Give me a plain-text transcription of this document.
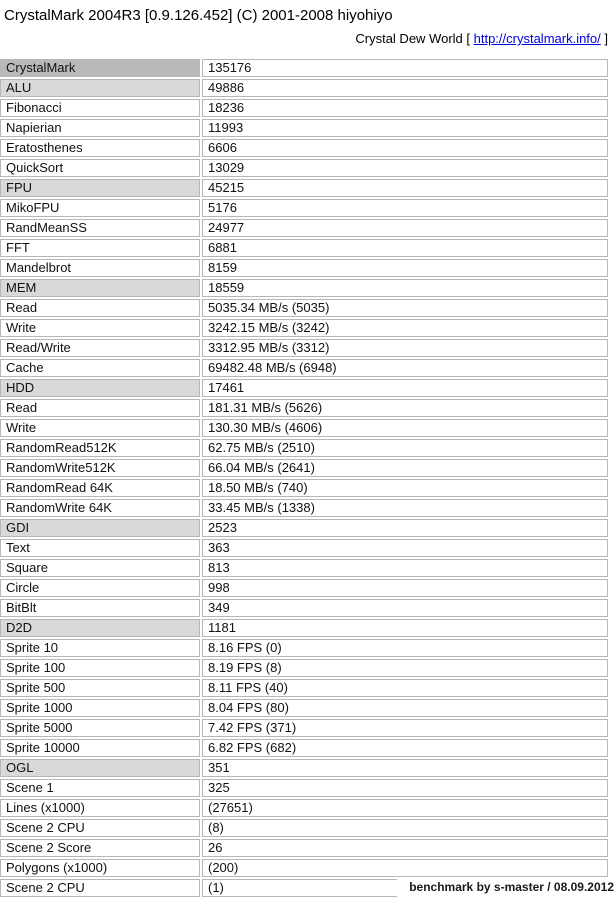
CrystalMark 2004R3 [0.9.126.452] (C) 2001-2008 hiyohiyo
Crystal Dew World [ http://crystalmark.info/ ]
CrystalMark	135176
ALU	49886
Fibonacci	18236
Napierian	11993
Eratosthenes	6606
QuickSort	13029
FPU	45215
MikoFPU	5176
RandMeanSS	24977
FFT	6881
Mandelbrot	8159
MEM	18559
Read	5035.34 MB/s (5035)
Write	3242.15 MB/s (3242)
Read/Write	3312.95 MB/s (3312)
Cache	69482.48 MB/s (6948)
HDD	17461
Read	181.31 MB/s (5626)
Write	130.30 MB/s (4606)
RandomRead512K	62.75 MB/s (2510)
RandomWrite512K	66.04 MB/s (2641)
RandomRead 64K	18.50 MB/s (740)
RandomWrite 64K	33.45 MB/s (1338)
GDI	2523
Text	363
Square	813
Circle	998
BitBlt	349
D2D	1181
Sprite 10	8.16 FPS (0)
Sprite 100	8.19 FPS (8)
Sprite 500	8.11 FPS (40)
Sprite 1000	8.04 FPS (80)
Sprite 5000	7.42 FPS (371)
Sprite 10000	6.82 FPS (682)
OGL	351
Scene 1	325
Lines (x1000)	(27651)
Scene 2 CPU	(8)
Scene 2 Score	26
Polygons (x1000)	(200)
Scene 2 CPU	(1)	benchmark by s-master / 08.09.2012
